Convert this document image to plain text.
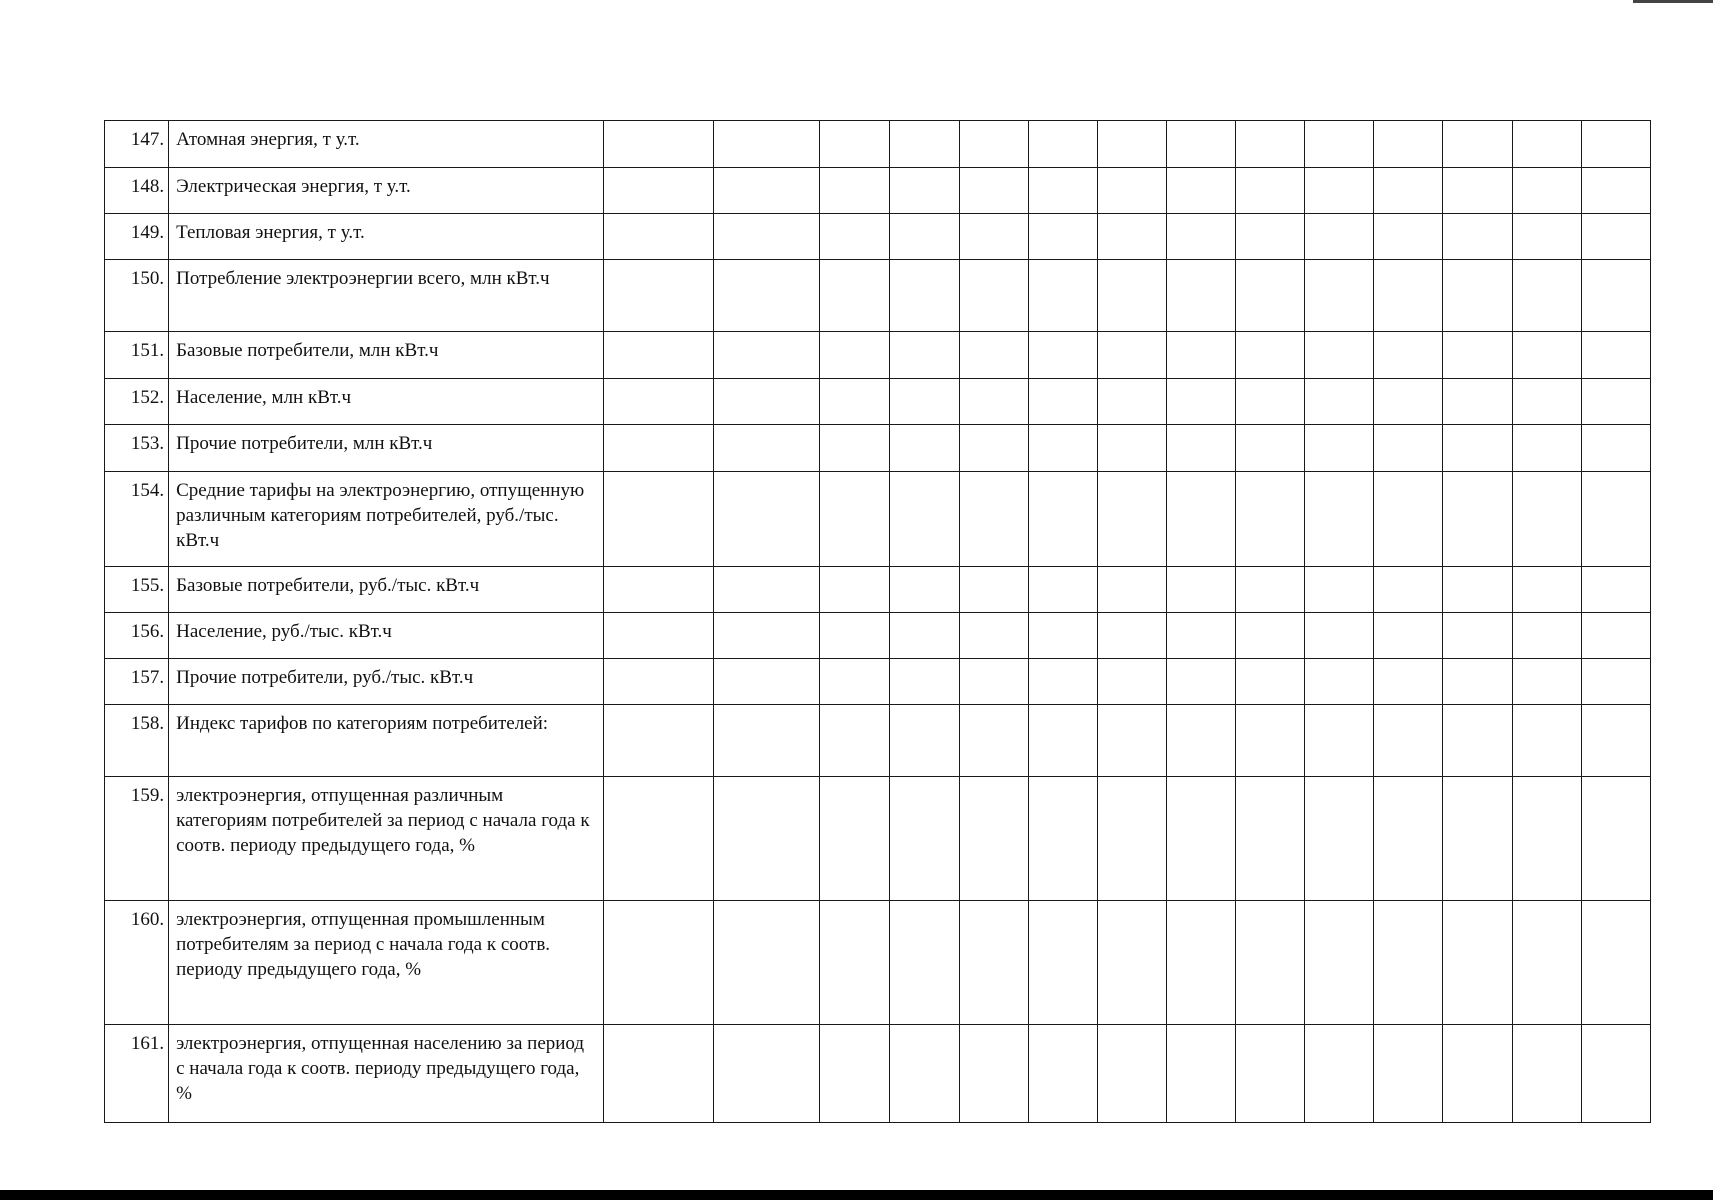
147.	Атомная энергия, т у.т.														
148.	Электрическая энергия, т у.т.														
149.	Тепловая энергия, т у.т.														
150.	Потребление электроэнергии всего, млн кВт.ч														
151.	Базовые потребители, млн кВт.ч														
152.	Население, млн кВт.ч														
153.	Прочие потребители, млн кВт.ч														
154.	Средние тарифы на электроэнергию, отпущенную различным категориям потребителей, руб./тыс. кВт.ч														
155.	Базовые потребители, руб./тыс. кВт.ч														
156.	Население, руб./тыс. кВт.ч														
157.	Прочие потребители, руб./тыс. кВт.ч														
158.	Индекс тарифов по категориям потребителей:														
159.	электроэнергия, отпущенная различным категориям потребителей за период с начала года к соотв. периоду предыдущего года, %														
160.	электроэнергия, отпущенная промышленным потребителям за период с начала года к соотв. периоду предыдущего года, %														
161.	электроэнергия, отпущенная населению за период с начала года к соотв. периоду предыдущего года, %														
